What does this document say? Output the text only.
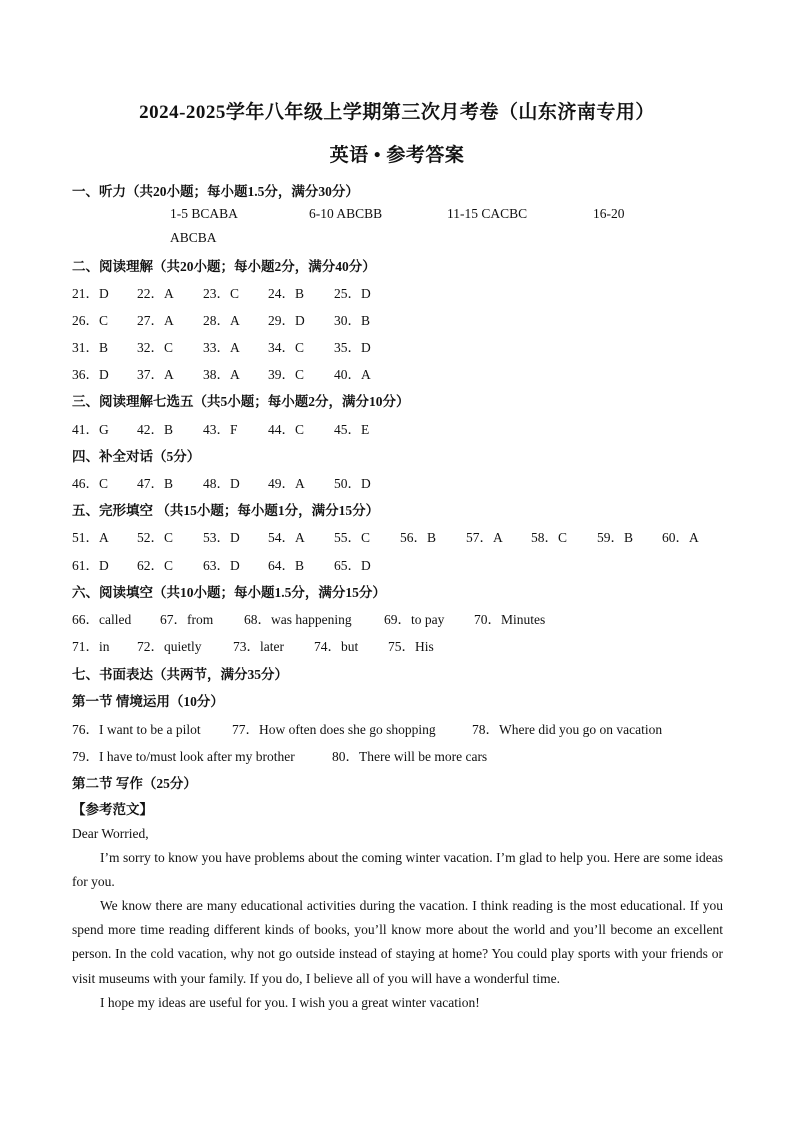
2024-2025学年八年级上学期第三次月考卷（山东济南专用）
英语 • 参考答案
一、听力（共20小题；每小题1.5分，满分30分）
1-5 BCABA	6-10 ABCBB	11-15 CACBC	16-20
ABCBA
二、阅读理解（共20小题；每小题2分，满分40分）
21．D 22．A 23．C 24．B 25．D
26．C 27．A 28．A 29．D 30．B
31．B 32．C 33．A 34．C 35．D
36．D 37．A 38．A 39．C 40．A
三、阅读理解七选五（共5小题；每小题2分，满分10分）
41．G 42．B 43．F 44．C 45．E
四、补全对话（5分）
46．C 47．B 48．D 49．A 50．D
五、完形填空 （共15小题；每小题1分，满分15分）
51．A 52．C 53．D 54．A 55．C 56．B 57．A 58．C 59．B 60．A
61．D 62．C 63．D 64．B 65．D
六、阅读填空（共10小题；每小题1.5分，满分15分）
66．called 67．from 68．was happening 69．to pay 70．Minutes
71．in 72．quietly 73．later 74．but 75．His
七、书面表达（共两节，满分35分）
第一节 情境运用（10分）
76．I want to be a pilot 77．How often does she go shopping	78．Where did you go on vacation
79．I have to/must look after my brother	80．There will be more cars
第二节 写作（25分）
【参考范文】
Dear Worried,
I’m sorry to know you have problems about the coming winter vacation. I’m glad to help you. Here are some ideas for you.
We know there are many educational activities during the vacation. I think reading is the most educational. If you spend more time reading different kinds of books, you’ll know more about the world and you’ll become an excellent person. In the cold vacation, why not go outside instead of staying at home? You could play sports with your friends or visit museums with your family. If you do, I believe all of you will have a wonderful time.
I hope my ideas are useful for you. I wish you a great winter vacation!
